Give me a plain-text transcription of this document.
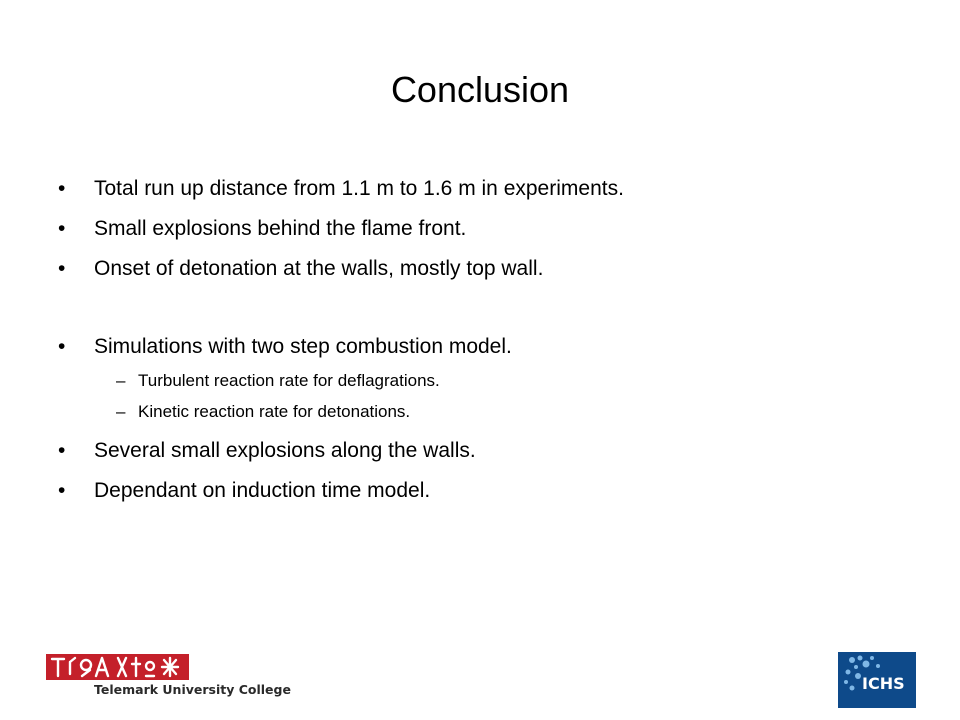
Conclusion
•	Total run up distance from 1.1 m to 1.6 m in experiments.
•	Small explosions behind the flame front.
•	Onset of detonation at the walls, mostly top wall.
•	Simulations with two step combustion model.
– Turbulent reaction rate for deflagrations.
– Kinetic reaction rate for detonations.
•	Several small explosions along the walls.
•	Dependant on induction time model.
Telemark University College	ICHS
